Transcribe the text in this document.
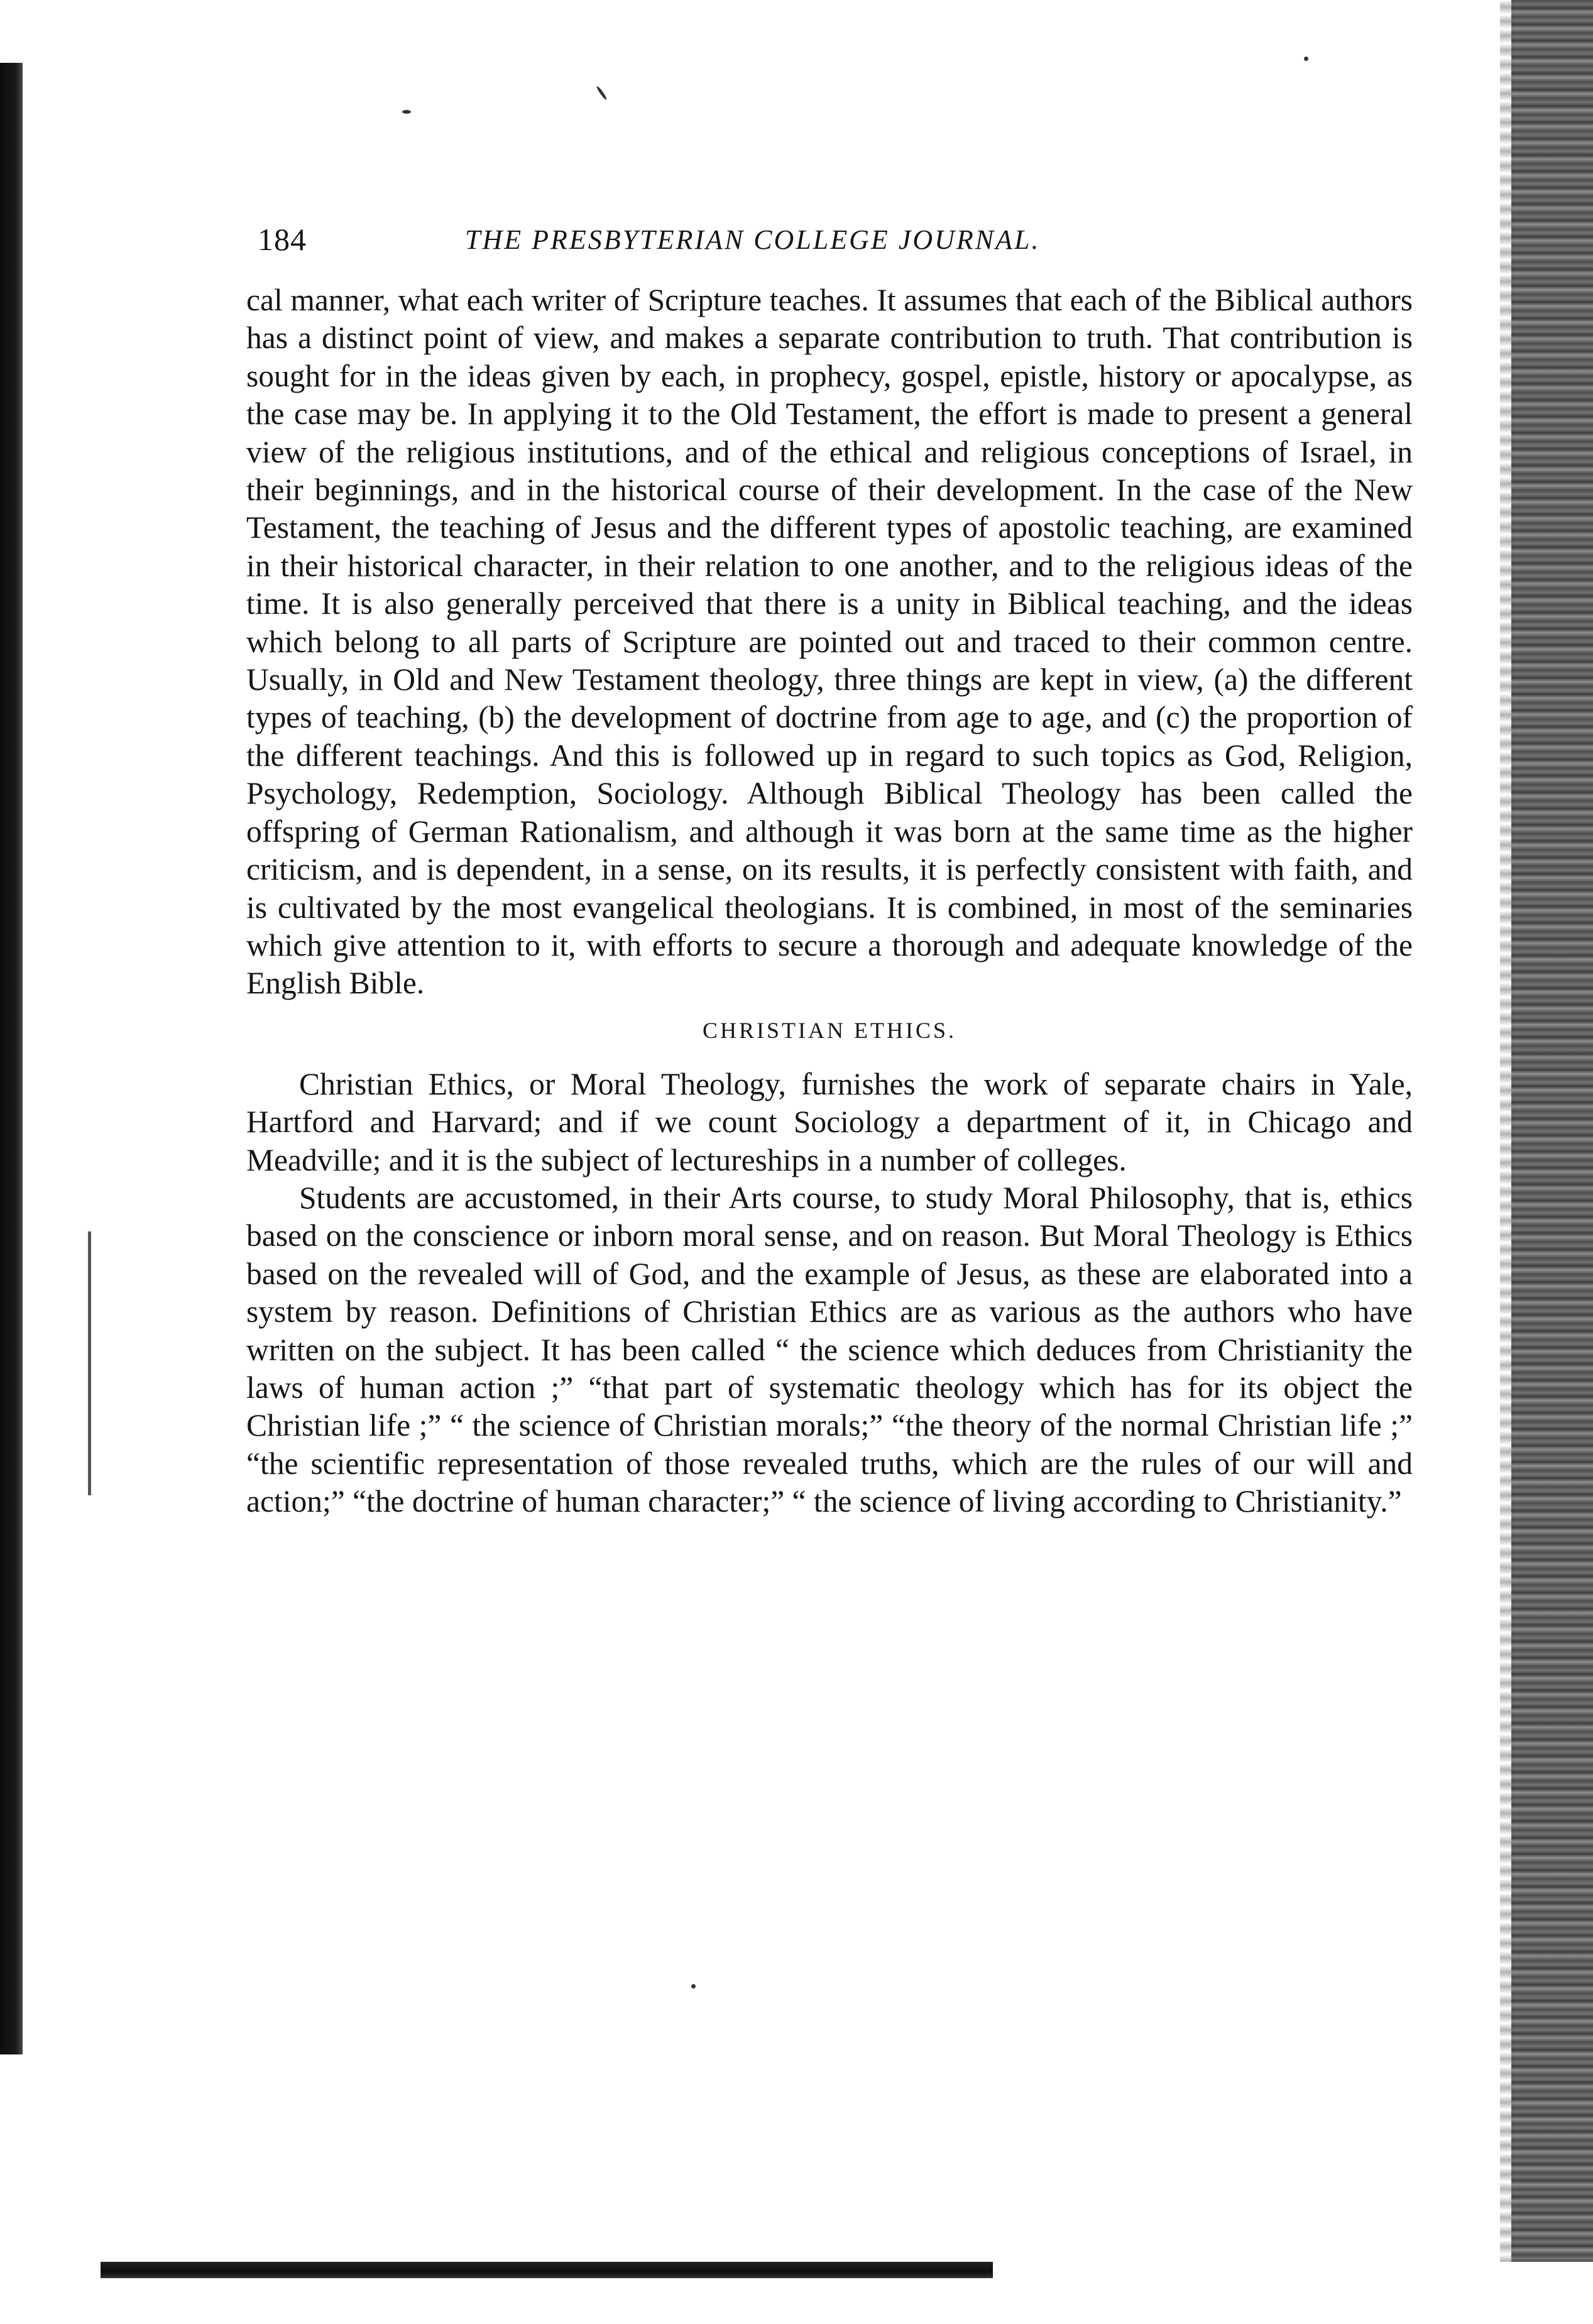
184	THE PRESBYTERIAN COLLEGE JOURNAL.

cal manner, what each writer of Scripture teaches. It assumes that each of the Biblical authors has a distinct point of view, and makes a separate contribution to truth. That contribution is sought for in the ideas given by each, in prophecy, gospel, epistle, history or apocalypse, as the case may be. In applying it to the Old Testament, the effort is made to present a general view of the religious institutions, and of the ethical and religious conceptions of Israel, in their beginnings, and in the historical course of their development. In the case of the New Testament, the teaching of Jesus and the different types of apostolic teaching, are examined in their historical character, in their relation to one another, and to the religious ideas of the time. It is also generally perceived that there is a unity in Biblical teaching, and the ideas which belong to all parts of Scripture are pointed out and traced to their common centre. Usually, in Old and New Testament theology, three things are kept in view, (a) the different types of teaching, (b) the development of doctrine from age to age, and (c) the proportion of the different teachings. And this is followed up in regard to such topics as God, Religion, Psychology, Redemption, Sociology. Although Biblical Theology has been called the offspring of German Rationalism, and although it was born at the same time as the higher criticism, and is dependent, in a sense, on its results, it is perfectly consistent with faith, and is cultivated by the most evangelical theologians. It is combined, in most of the seminaries which give attention to it, with efforts to secure a thorough and adequate knowledge of the English Bible.

CHRISTIAN ETHICS.

Christian Ethics, or Moral Theology, furnishes the work of separate chairs in Yale, Hartford and Harvard; and if we count Sociology a department of it, in Chicago and Meadville; and it is the subject of lectureships in a number of colleges.

Students are accustomed, in their Arts course, to study Moral Philosophy, that is, ethics based on the conscience or inborn moral sense, and on reason. But Moral Theology is Ethics based on the revealed will of God, and the example of Jesus, as these are elaborated into a system by reason. Definitions of Christian Ethics are as various as the authors who have written on the subject. It has been called “ the science which deduces from Christianity the laws of human action ;” “that part of systematic theology which has for its object the Christian life ;” “ the science of Christian morals;” “the theory of the normal Christian life ;” “the scientific representation of those revealed truths, which are the rules of our will and action;” “the doctrine of human character;” “ the science of living according to Christianity.”
